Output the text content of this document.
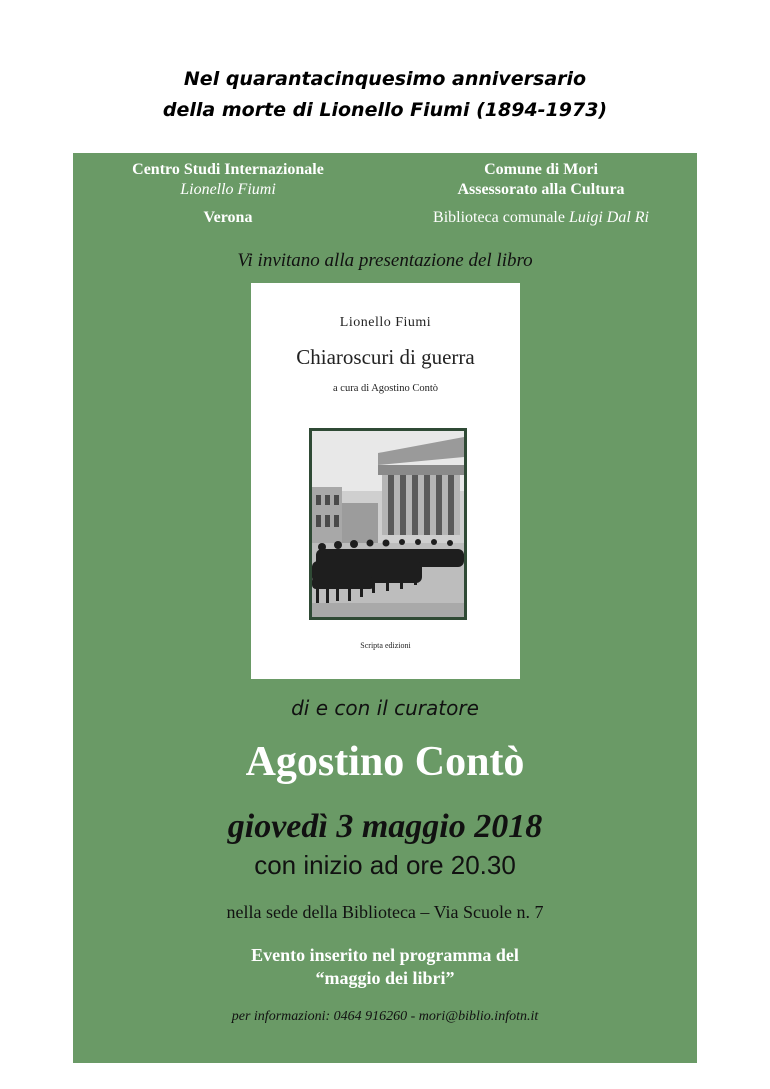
Nel quarantacinquesimo anniversario
della morte di Lionello Fiumi (1894-1973)
Centro Studi Internazionale
Lionello Fiumi
Verona
Comune di Mori
Assessorato alla Cultura
Biblioteca comunale Luigi Dal Ri
Vi invitano alla presentazione del libro
Lionello Fiumi
Chiaroscuri di guerra
a cura di Agostino Contò
Scripta edizioni
di e con il curatore
Agostino Contò
giovedì 3 maggio 2018
con inizio ad ore 20.30
nella sede della Biblioteca – Via Scuole n. 7
Evento inserito nel programma del
“maggio dei libri”
per informazioni: 0464 916260 - mori@biblio.infotn.it
